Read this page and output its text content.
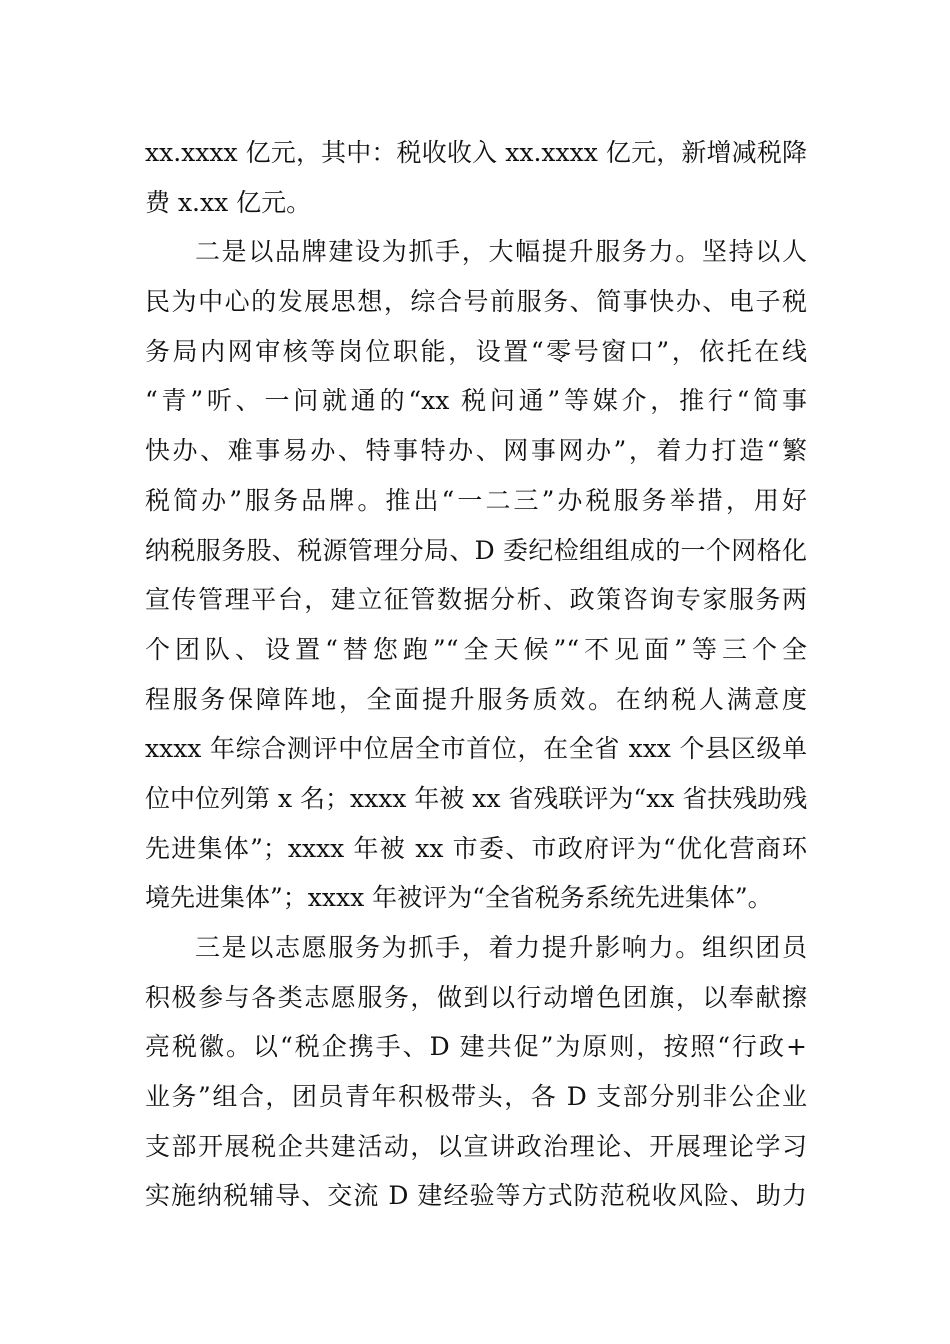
xx.xxxx 亿元，其中：税收收入 xx.xxxx 亿元，新增减税降
费 x.xx 亿元。
二是以品牌建设为抓手，大幅提升服务力。坚持以人
民为中心的发展思想，综合号前服务、简事快办、电子税
务局内网审核等岗位职能，设置“零号窗口”，依托在线
“青”听、一问就通的“xx 税问通”等媒介，推行“简事
快办、难事易办、特事特办、网事网办”，着力打造“繁
税简办”服务品牌。推出“一二三”办税服务举措，用好
纳税服务股、税源管理分局、D 委纪检组组成的一个网格化
宣传管理平台，建立征管数据分析、政策咨询专家服务两
个团队、设置“替您跑”“全天候”“不见面”等三个全
程服务保障阵地，全面提升服务质效。在纳税人满意度
xxxx 年综合测评中位居全市首位，在全省 xxx 个县区级单
位中位列第 x 名；xxxx 年被 xx 省残联评为“xx 省扶残助残
先进集体”；xxxx 年被 xx 市委、市政府评为“优化营商环
境先进集体”；xxxx 年被评为“全省税务系统先进集体”。
三是以志愿服务为抓手，着力提升影响力。组织团员
积极参与各类志愿服务，做到以行动增色团旗，以奉献擦
亮税徽。以“税企携手、D 建共促”为原则，按照“行政+
业务”组合，团员青年积极带头，各 D 支部分别非公企业
支部开展税企共建活动，以宣讲政治理论、开展理论学习
实施纳税辅导、交流 D 建经验等方式防范税收风险、助力
